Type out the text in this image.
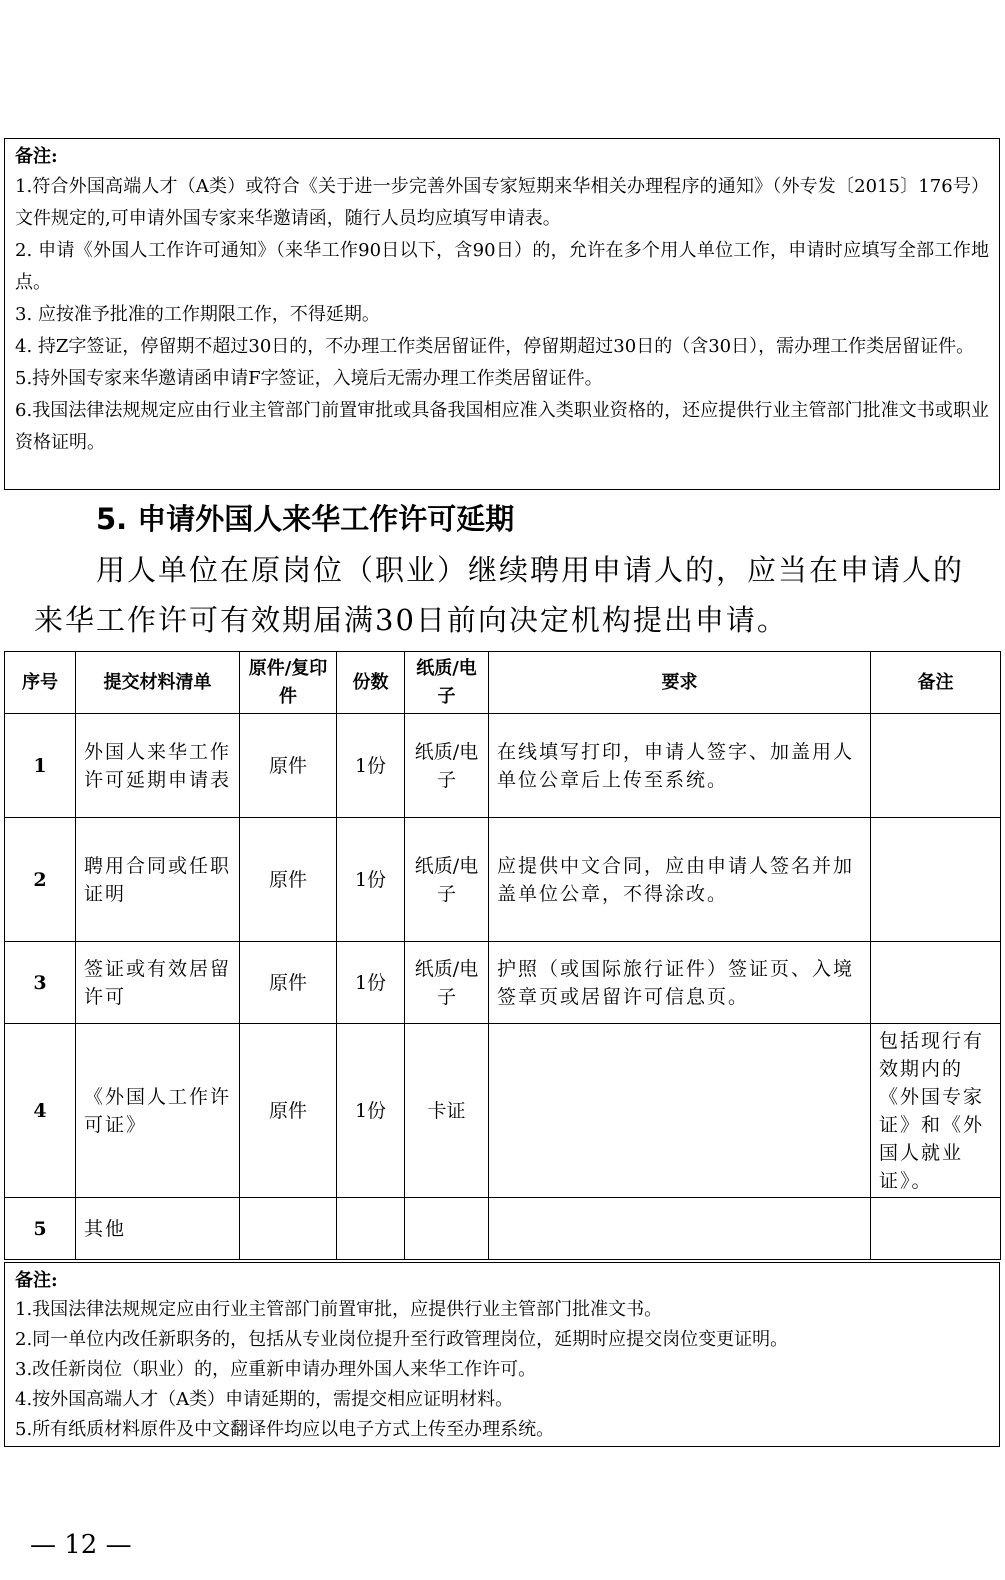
备注:

1.符合外国高端人才（A类）或符合《关于进一步完善外国专家短期来华相关办理程序的通知》（外专发〔2015〕176号）文件规定的,可申请外国专家来华邀请函，随行人员均应填写申请表。

2. 申请《外国人工作许可通知》（来华工作90日以下，含90日）的，允许在多个用人单位工作，申请时应填写全部工作地点。

3. 应按准予批准的工作期限工作，不得延期。

4. 持Z字签证，停留期不超过30日的，不办理工作类居留证件，停留期超过30日的（含30日），需办理工作类居留证件。

5.持外国专家来华邀请函申请F字签证，入境后无需办理工作类居留证件。

6.我国法律法规规定应由行业主管部门前置审批或具备我国相应准入类职业资格的，还应提供行业主管部门批准文书或职业资格证明。

5. 申请外国人来华工作许可延期

用人单位在原岗位（职业）继续聘用申请人的，应当在申请人的来华工作许可有效期届满30日前向决定机构提出申请。

序号	提交材料清单	原件/复印件	份数	纸质/电子	要求	备注
1	外国人来华工作许可延期申请表	原件	1份	纸质/电子	在线填写打印，申请人签字、加盖用人单位公章后上传至系统。	
2	聘用合同或任职证明	原件	1份	纸质/电子	应提供中文合同，应由申请人签名并加盖单位公章，不得涂改。	
3	签证或有效居留许可	原件	1份	纸质/电子	护照（或国际旅行证件）签证页、入境签章页或居留许可信息页。	
4	《外国人工作许可证》	原件	1份	卡证		包括现行有效期内的《外国专家证》和《外国人就业证》。
5	其他					

备注:

1.我国法律法规规定应由行业主管部门前置审批，应提供行业主管部门批准文书。

2.同一单位内改任新职务的，包括从专业岗位提升至行政管理岗位，延期时应提交岗位变更证明。

3.改任新岗位（职业）的，应重新申请办理外国人来华工作许可。

4.按外国高端人才（A类）申请延期的，需提交相应证明材料。

5.所有纸质材料原件及中文翻译件均应以电子方式上传至办理系统。

— 12 —
